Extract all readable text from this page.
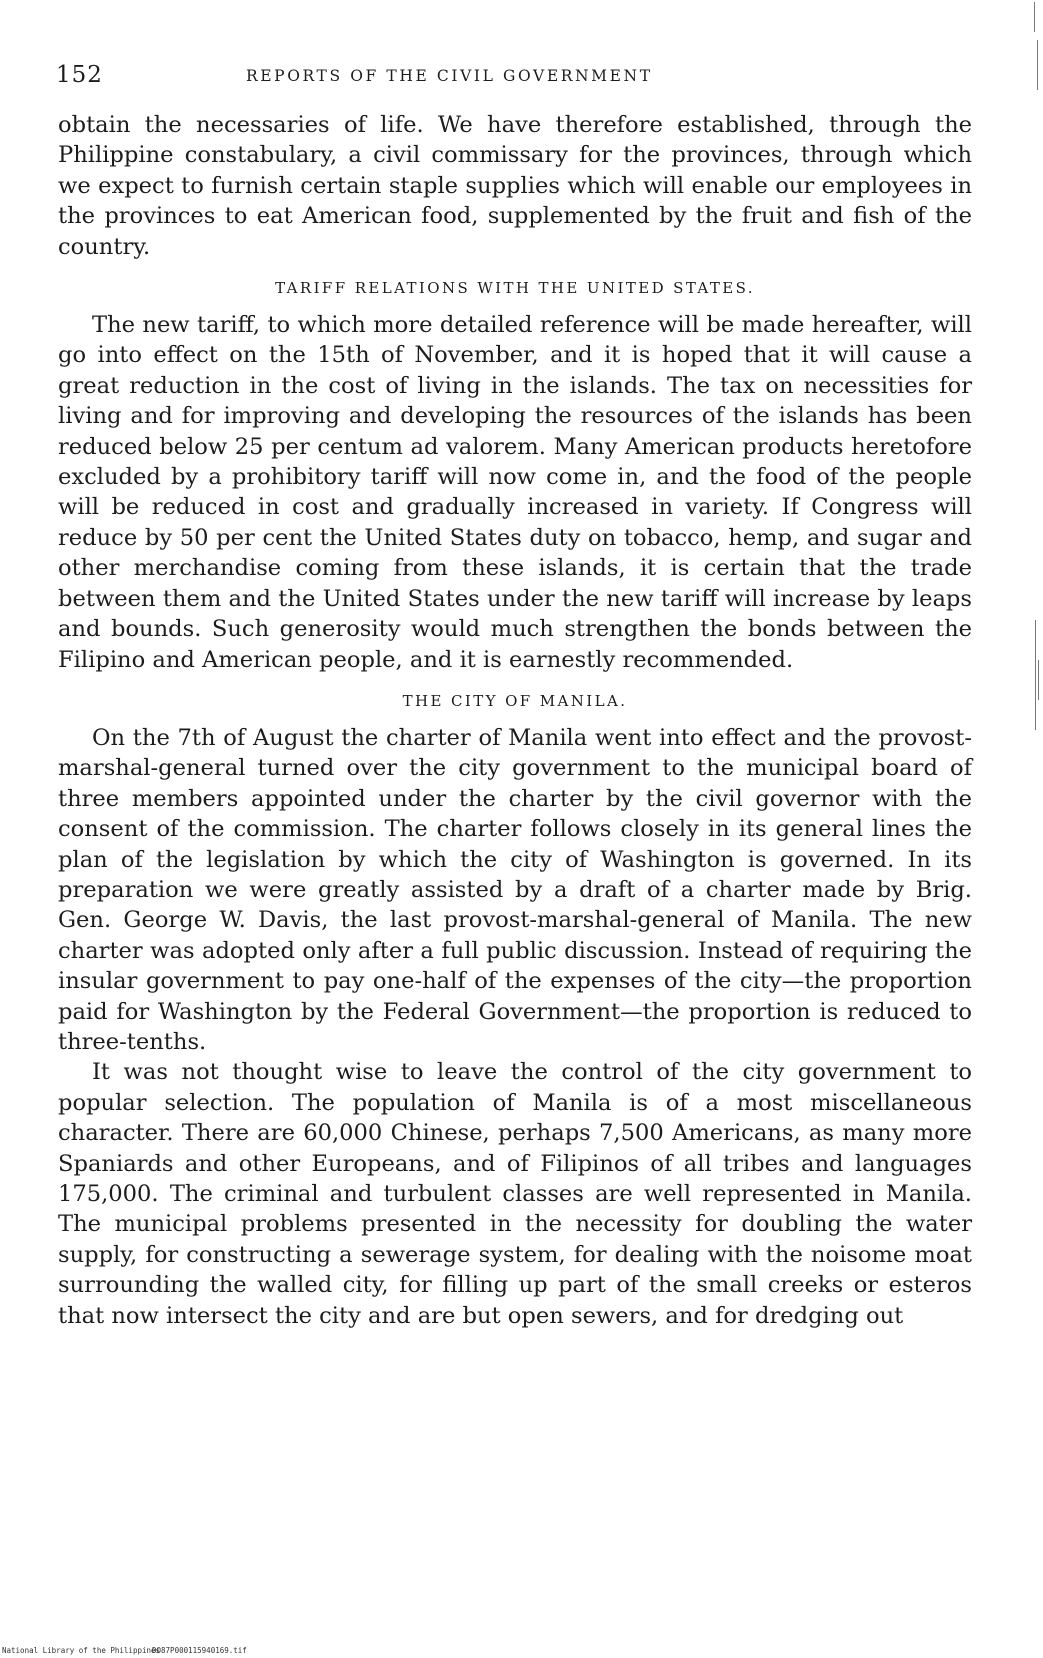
152	REPORTS OF THE CIVIL GOVERNMENT

obtain the necessaries of life. We have therefore established, through the Philippine constabulary, a civil commissary for the provinces, through which we expect to furnish certain staple supplies which will enable our employees in the provinces to eat American food, supplemented by the fruit and fish of the country.

TARIFF RELATIONS WITH THE UNITED STATES.

The new tariff, to which more detailed reference will be made hereafter, will go into effect on the 15th of November, and it is hoped that it will cause a great reduction in the cost of living in the islands. The tax on necessities for living and for improving and developing the resources of the islands has been reduced below 25 per centum ad valorem. Many American products heretofore excluded by a prohibitory tariff will now come in, and the food of the people will be reduced in cost and gradually increased in variety. If Congress will reduce by 50 per cent the United States duty on tobacco, hemp, and sugar and other merchandise coming from these islands, it is certain that the trade between them and the United States under the new tariff will increase by leaps and bounds. Such generosity would much strengthen the bonds between the Filipino and American people, and it is earnestly recommended.

THE CITY OF MANILA.

On the 7th of August the charter of Manila went into effect and the provost-marshal-general turned over the city government to the municipal board of three members appointed under the charter by the civil governor with the consent of the commission. The charter follows closely in its general lines the plan of the legislation by which the city of Washington is governed. In its preparation we were greatly assisted by a draft of a charter made by Brig. Gen. George W. Davis, the last provost-marshal-general of Manila. The new charter was adopted only after a full public discussion. Instead of requiring the insular government to pay one-half of the expenses of the city—the proportion paid for Washington by the Federal Government—the proportion is reduced to three-tenths.

It was not thought wise to leave the control of the city government to popular selection. The population of Manila is of a most miscellaneous character. There are 60,000 Chinese, perhaps 7,500 Americans, as many more Spaniards and other Europeans, and of Filipinos of all tribes and languages 175,000. The criminal and turbulent classes are well represented in Manila. The municipal problems presented in the necessity for doubling the water supply, for constructing a sewerage system, for dealing with the noisome moat surrounding the walled city, for filling up part of the small creeks or esteros that now intersect the city and are but open sewers, and for dredging out

National Library of the Philippines
DO87P000115940169.tif
